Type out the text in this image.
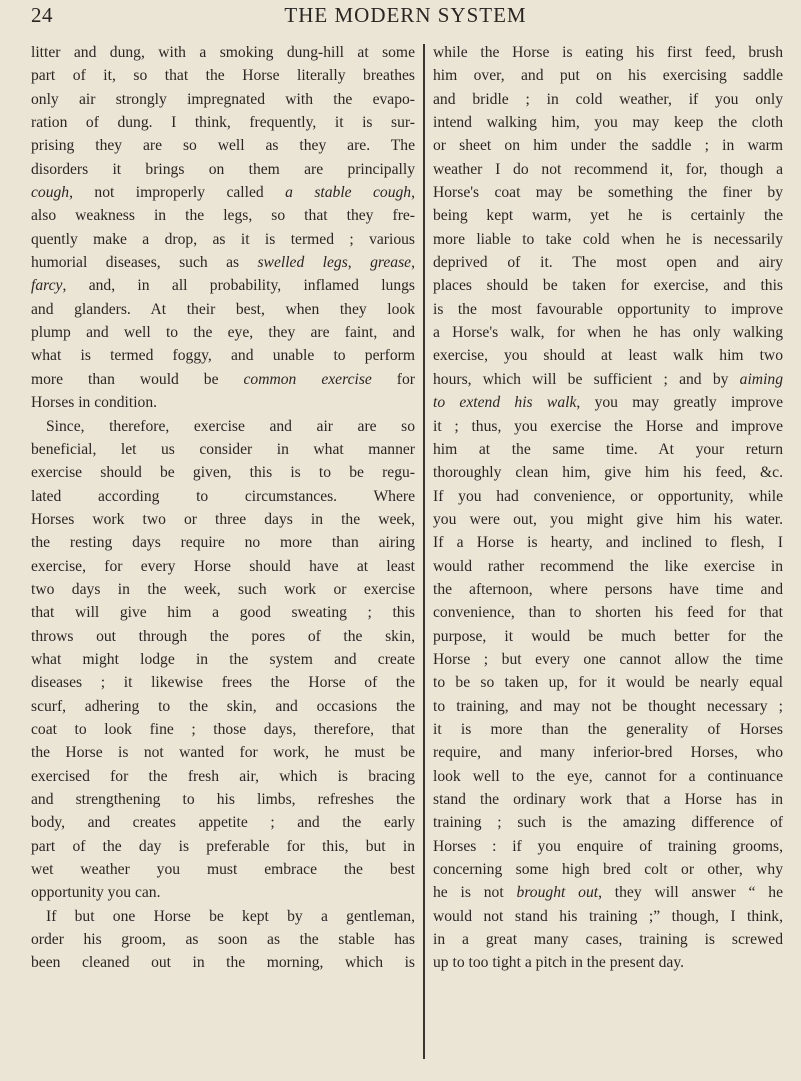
24	THE MODERN SYSTEM
litter and dung, with a smoking dung-hill at some
part of it, so that the Horse literally breathes
only air strongly impregnated with the evapo-
ration of dung. I think, frequently, it is sur-
prising they are so well as they are. The
disorders it brings on them are principally
cough, not improperly called a stable cough,
also weakness in the legs, so that they fre-
quently make a drop, as it is termed ; various
humorial diseases, such as swelled legs, grease,
farcy, and, in all probability, inflamed lungs
and glanders. At their best, when they look
plump and well to the eye, they are faint, and
what is termed foggy, and unable to perform
more than would be common exercise for
Horses in condition.
Since, therefore, exercise and air are so
beneficial, let us consider in what manner
exercise should be given, this is to be regu-
lated according to circumstances. Where
Horses work two or three days in the week,
the resting days require no more than airing
exercise, for every Horse should have at least
two days in the week, such work or exercise
that will give him a good sweating ; this
throws out through the pores of the skin,
what might lodge in the system and create
diseases ; it likewise frees the Horse of the
scurf, adhering to the skin, and occasions the
coat to look fine ; those days, therefore, that
the Horse is not wanted for work, he must be
exercised for the fresh air, which is bracing
and strengthening to his limbs, refreshes the
body, and creates appetite ; and the early
part of the day is preferable for this, but in
wet weather you must embrace the best
opportunity you can.
If but one Horse be kept by a gentleman,
order his groom, as soon as the stable has
been cleaned out in the morning, which is
while the Horse is eating his first feed, brush
him over, and put on his exercising saddle
and bridle ; in cold weather, if you only
intend walking him, you may keep the cloth
or sheet on him under the saddle ; in warm
weather I do not recommend it, for, though a
Horse's coat may be something the finer by
being kept warm, yet he is certainly the
more liable to take cold when he is necessarily
deprived of it. The most open and airy
places should be taken for exercise, and this
is the most favourable opportunity to improve
a Horse's walk, for when he has only walking
exercise, you should at least walk him two
hours, which will be sufficient ; and by aiming
to extend his walk, you may greatly improve
it ; thus, you exercise the Horse and improve
him at the same time. At your return
thoroughly clean him, give him his feed, &c.
If you had convenience, or opportunity, while
you were out, you might give him his water.
If a Horse is hearty, and inclined to flesh, I
would rather recommend the like exercise in
the afternoon, where persons have time and
convenience, than to shorten his feed for that
purpose, it would be much better for the
Horse ; but every one cannot allow the time
to be so taken up, for it would be nearly equal
to training, and may not be thought necessary ;
it is more than the generality of Horses
require, and many inferior-bred Horses, who
look well to the eye, cannot for a continuance
stand the ordinary work that a Horse has in
training ; such is the amazing difference of
Horses : if you enquire of training grooms,
concerning some high bred colt or other, why
he is not brought out, they will answer “ he
would not stand his training ;” though, I think,
in a great many cases, training is screwed
up to too tight a pitch in the present day.
